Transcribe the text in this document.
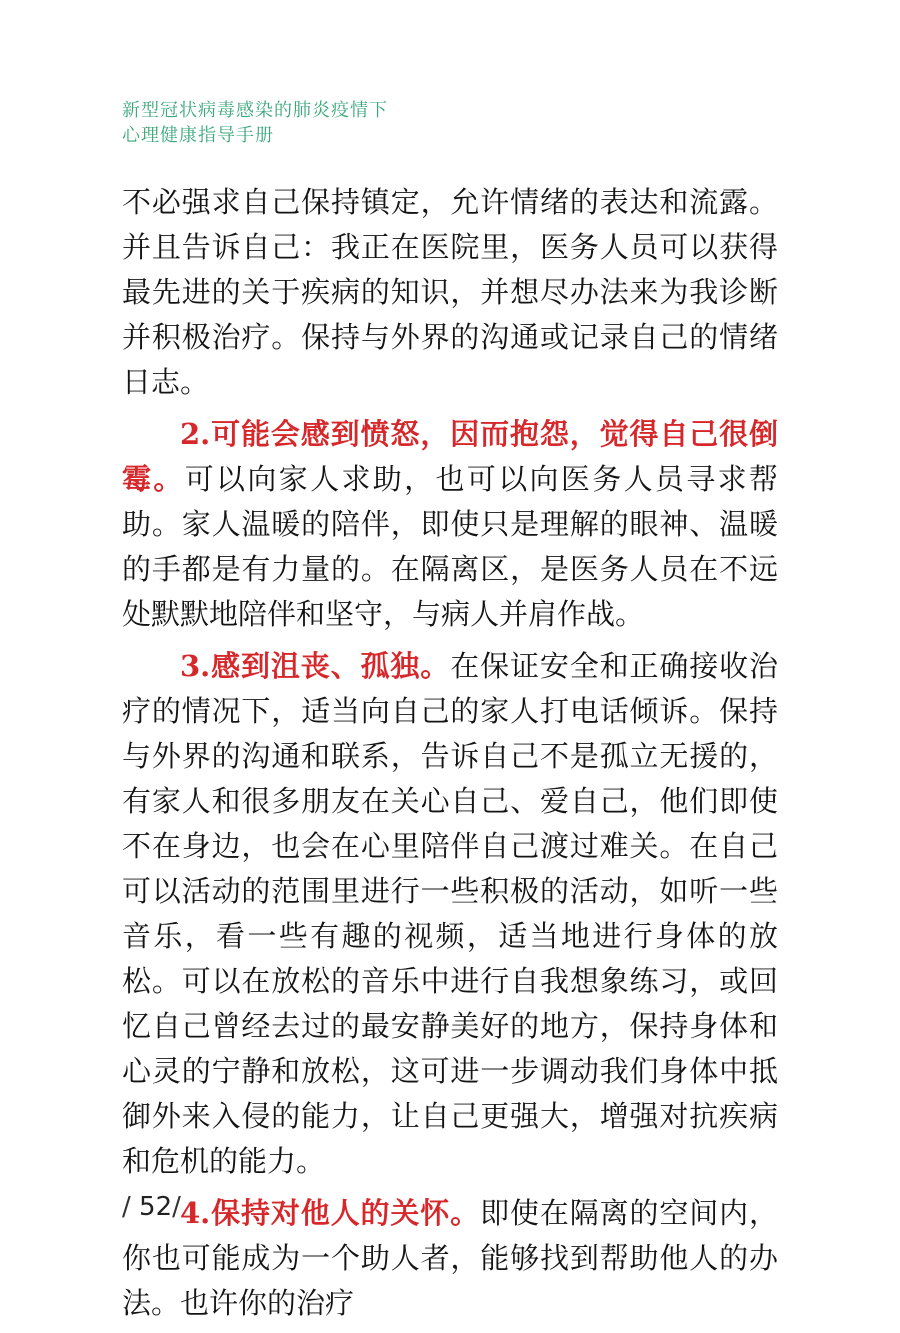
新型冠状病毒感染的肺炎疫情下
心理健康指导手册

不必强求自己保持镇定，允许情绪的表达和流露。并且告诉自己：我正在医院里，医务人员可以获得最先进的关于疾病的知识，并想尽办法来为我诊断并积极治疗。保持与外界的沟通或记录自己的情绪日志。

2.可能会感到愤怒，因而抱怨，觉得自己很倒霉。可以向家人求助，也可以向医务人员寻求帮助。家人温暖的陪伴，即使只是理解的眼神、温暖的手都是有力量的。在隔离区，是医务人员在不远处默默地陪伴和坚守，与病人并肩作战。

3.感到沮丧、孤独。在保证安全和正确接收治疗的情况下，适当向自己的家人打电话倾诉。保持与外界的沟通和联系，告诉自己不是孤立无援的，有家人和很多朋友在关心自己、爱自己，他们即使不在身边，也会在心里陪伴自己渡过难关。在自己可以活动的范围里进行一些积极的活动，如听一些音乐，看一些有趣的视频，适当地进行身体的放松。可以在放松的音乐中进行自我想象练习，或回忆自己曾经去过的最安静美好的地方，保持身体和心灵的宁静和放松，这可进一步调动我们身体中抵御外来入侵的能力，让自己更强大，增强对抗疾病和危机的能力。

4.保持对他人的关怀。即使在隔离的空间内，你也可能成为一个助人者，能够找到帮助他人的办法。也许你的治疗

∕ 52∕
